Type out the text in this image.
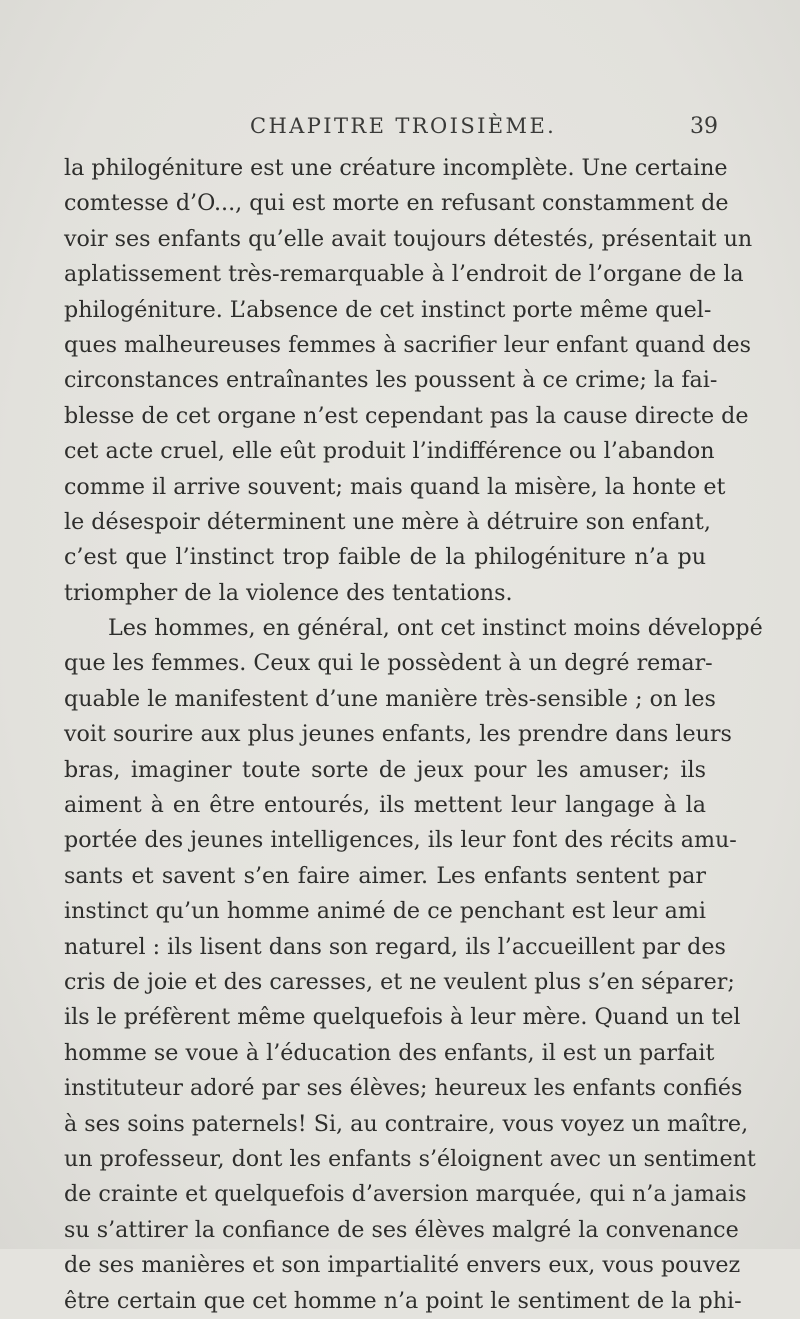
CHAPITRE TROISIÈME.	39
la philogéniture est une créature incomplète. Une certaine
comtesse d’O..., qui est morte en refusant constamment de
voir ses enfants qu’elle avait toujours détestés, présentait un
aplatissement très-remarquable à l’endroit de l’organe de la
philogéniture. L’absence de cet instinct porte même quel-
ques malheureuses femmes à sacrifier leur enfant quand des
circonstances entraînantes les poussent à ce crime; la fai-
blesse de cet organe n’est cependant pas la cause directe de
cet acte cruel, elle eût produit l’indifférence ou l’abandon
comme il arrive souvent; mais quand la misère, la honte et
le désespoir déterminent une mère à détruire son enfant,
c’est que l’instinct trop faible de la philogéniture n’a pu
triompher de la violence des tentations.
Les hommes, en général, ont cet instinct moins développé
que les femmes. Ceux qui le possèdent à un degré remar-
quable le manifestent d’une manière très-sensible ; on les
voit sourire aux plus jeunes enfants, les prendre dans leurs
bras, imaginer toute sorte de jeux pour les amuser; ils
aiment à en être entourés, ils mettent leur langage à la
portée des jeunes intelligences, ils leur font des récits amu-
sants et savent s’en faire aimer. Les enfants sentent par
instinct qu’un homme animé de ce penchant est leur ami
naturel : ils lisent dans son regard, ils l’accueillent par des
cris de joie et des caresses, et ne veulent plus s’en séparer;
ils le préfèrent même quelquefois à leur mère. Quand un tel
homme se voue à l’éducation des enfants, il est un parfait
instituteur adoré par ses élèves; heureux les enfants confiés
à ses soins paternels! Si, au contraire, vous voyez un maître,
un professeur, dont les enfants s’éloignent avec un sentiment
de crainte et quelquefois d’aversion marquée, qui n’a jamais
su s’attirer la confiance de ses élèves malgré la convenance
de ses manières et son impartialité envers eux, vous pouvez
être certain que cet homme n’a point le sentiment de la phi-
